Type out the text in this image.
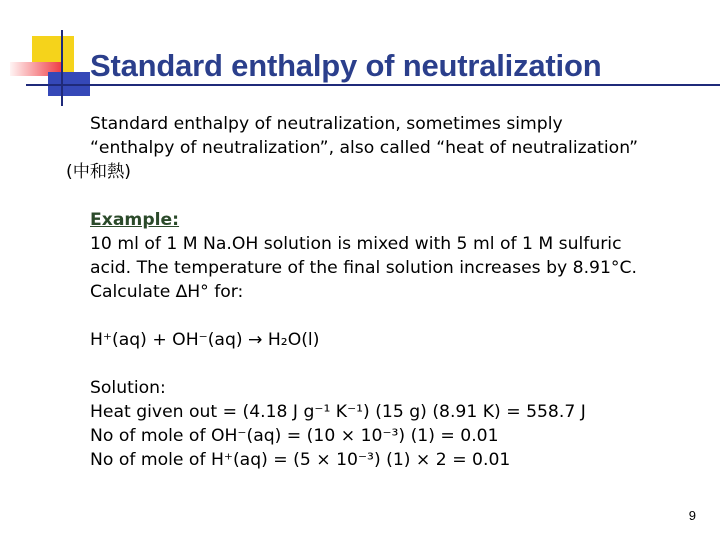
Standard enthalpy of neutralization

Standard enthalpy of neutralization, sometimes simply

“enthalpy of neutralization”, also called “heat of neutralization”

(中和熱)

Example:
10 ml of 1 M Na.OH solution is mixed with 5 ml of 1 M sulfuric
acid. The temperature of the final solution increases by 8.91°C.
Calculate ∆H° for:

H⁺(aq) + OH⁻(aq) → H₂O(l)

Solution:
Heat given out = (4.18 J g⁻¹ K⁻¹) (15 g) (8.91 K) = 558.7 J
No of mole of OH⁻(aq) = (10 × 10⁻³) (1) = 0.01
No of mole of H⁺(aq) = (5 × 10⁻³) (1) × 2 = 0.01
9
